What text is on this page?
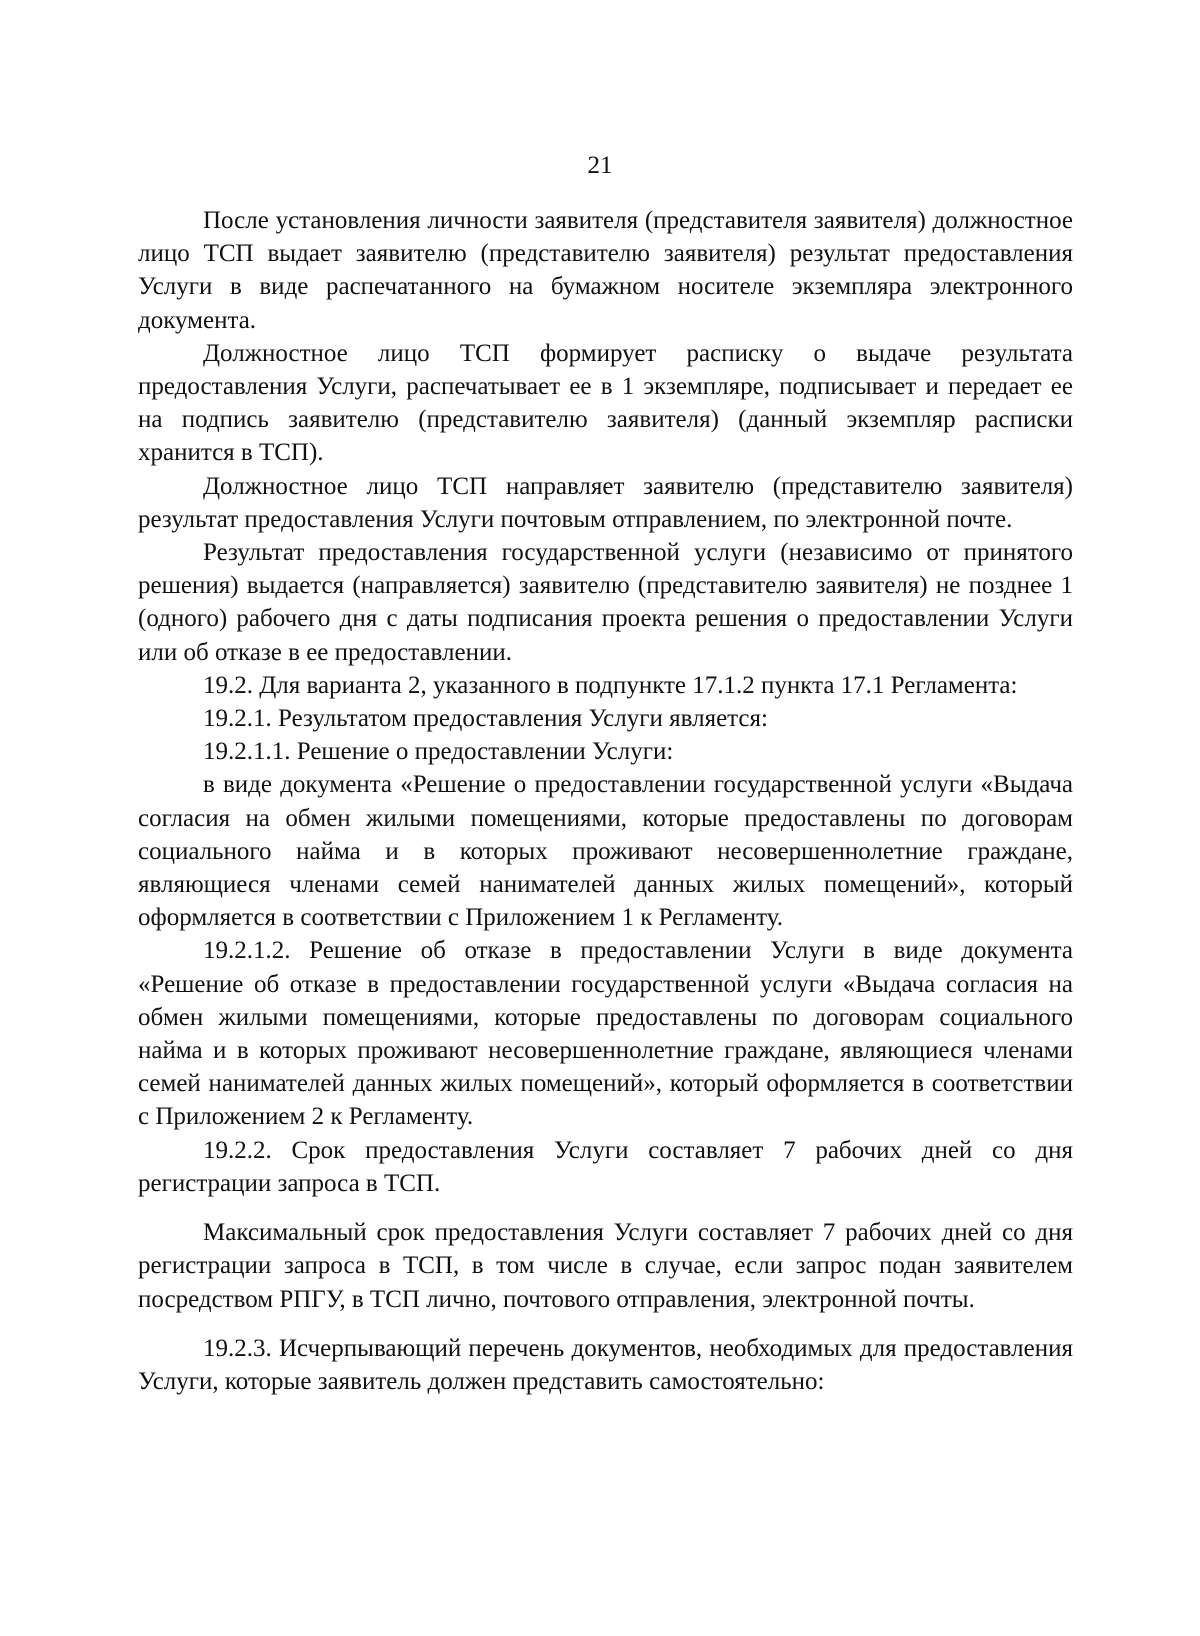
21

После установления личности заявителя (представителя заявителя) должностное лицо ТСП выдает заявителю (представителю заявителя) результат предоставления Услуги в виде распечатанного на бумажном носителе экземпляра электронного документа.

Должностное лицо ТСП формирует расписку о выдаче результата предоставления Услуги, распечатывает ее в 1 экземпляре, подписывает и передает ее на подпись заявителю (представителю заявителя) (данный экземпляр расписки хранится в ТСП).

Должностное лицо ТСП направляет заявителю (представителю заявителя) результат предоставления Услуги почтовым отправлением, по электронной почте.

Результат предоставления государственной услуги (независимо от принятого решения) выдается (направляется) заявителю (представителю заявителя) не позднее 1 (одного) рабочего дня с даты подписания проекта решения о предоставлении Услуги или об отказе в ее предоставлении.

19.2. Для варианта 2, указанного в подпункте 17.1.2 пункта 17.1 Регламента:

19.2.1. Результатом предоставления Услуги является:

19.2.1.1. Решение о предоставлении Услуги:

в виде документа «Решение о предоставлении государственной услуги «Выдача согласия на обмен жилыми помещениями, которые предоставлены по договорам социального найма и в которых проживают несовершеннолетние граждане, являющиеся членами семей нанимателей данных жилых помещений», который оформляется в соответствии с Приложением 1 к Регламенту.

19.2.1.2. Решение об отказе в предоставлении Услуги в виде документа «Решение об отказе в предоставлении государственной услуги «Выдача согласия на обмен жилыми помещениями, которые предоставлены по договорам социального найма и в которых проживают несовершеннолетние граждане, являющиеся членами семей нанимателей данных жилых помещений», который оформляется в соответствии с Приложением 2 к Регламенту.

19.2.2. Срок предоставления Услуги составляет 7 рабочих дней со дня регистрации запроса в ТСП.

Максимальный срок предоставления Услуги составляет 7 рабочих дней со дня регистрации запроса в ТСП, в том числе в случае, если запрос подан заявителем посредством РПГУ, в ТСП лично, почтового отправления, электронной почты.

19.2.3. Исчерпывающий перечень документов, необходимых для предоставления Услуги, которые заявитель должен представить самостоятельно:
